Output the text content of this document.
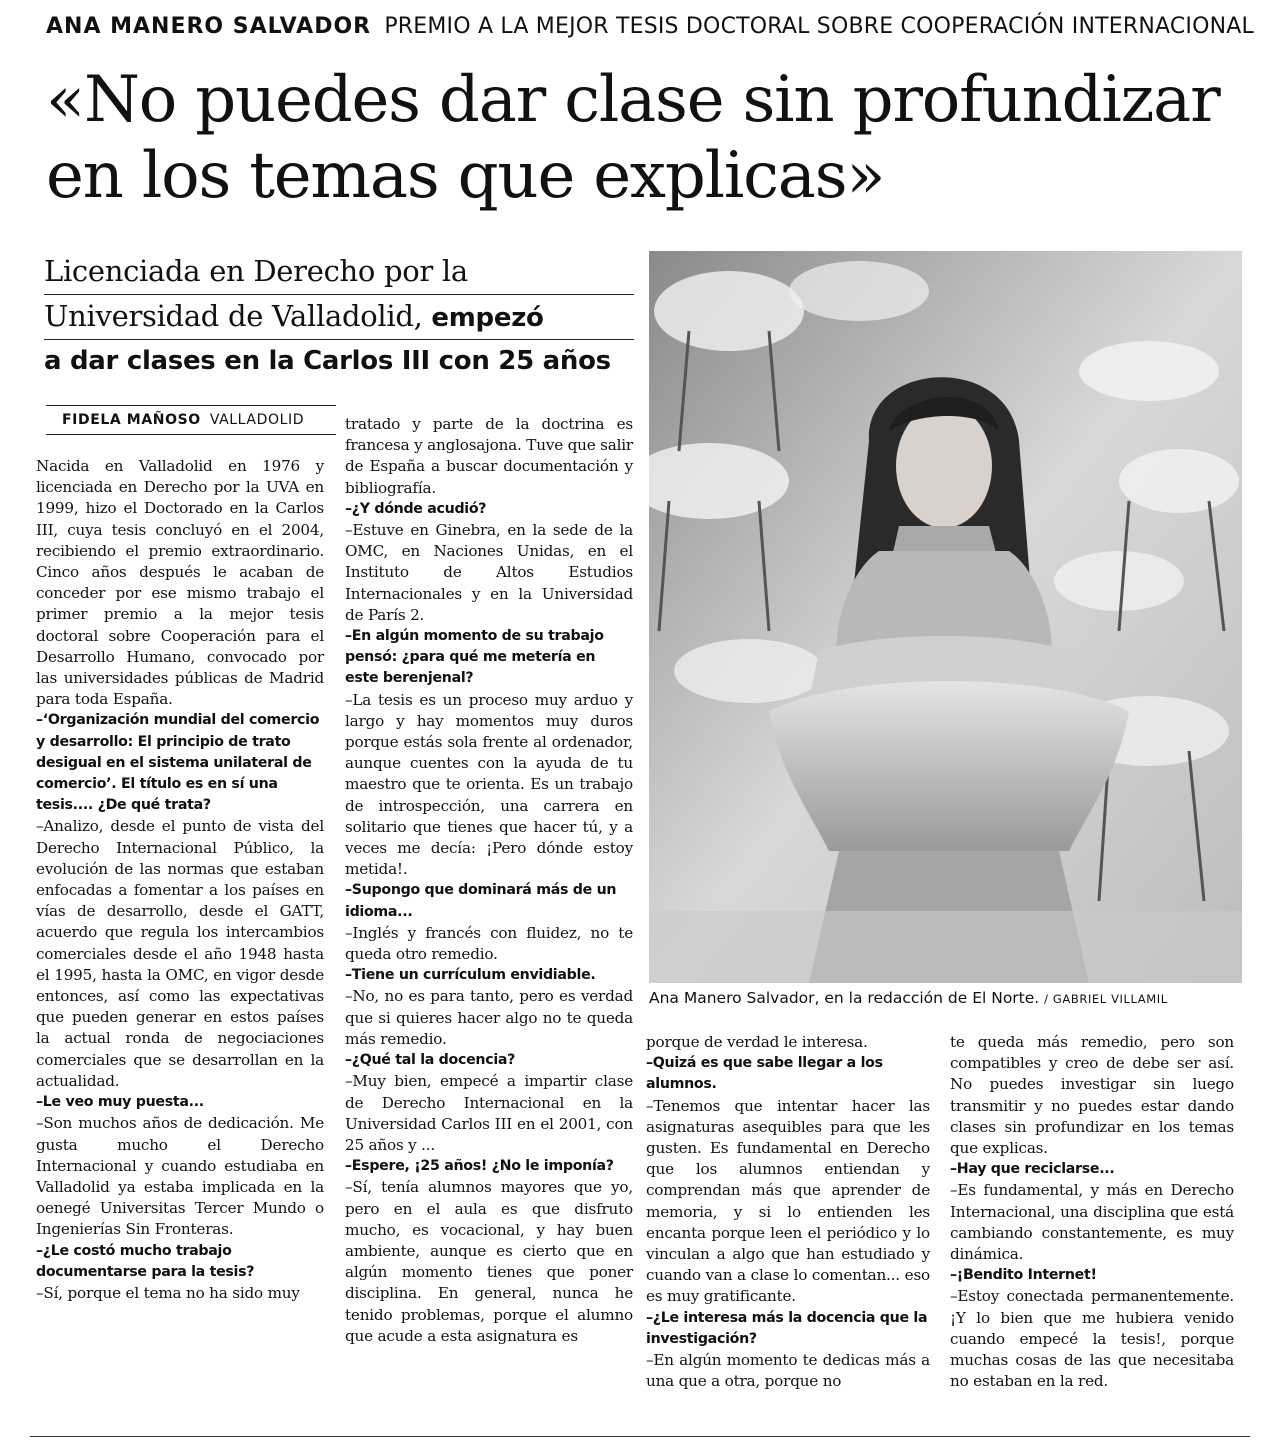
ANA MANERO SALVADOR PREMIO A LA MEJOR TESIS DOCTORAL SOBRE COOPERACIÓN INTERNACIONAL
«No puedes dar clase sin profundizar
en los temas que explicas»
Licenciada en Derecho por la
Universidad de Valladolid, empezó
a dar clases en la Carlos III con 25 años
FIDELA MAÑOSO VALLADOLID

Nacida en Valladolid en 1976 y licenciada en Derecho por la UVA en 1999, hizo el Doctorado en la Carlos III, cuya tesis concluyó en el 2004, recibiendo el premio extraordinario. Cinco años después le acaban de conceder por ese mismo trabajo el primer premio a la mejor tesis doctoral sobre Cooperación para el Desarrollo Humano, convocado por las universidades públicas de Madrid para toda España.

–‘Organización mundial del comercio y desarrollo: El principio de trato desigual en el sistema unilateral de comercio’. El título es en sí una tesis.... ¿De qué trata?

–Analizo, desde el punto de vista del Derecho Internacional Público, la evolución de las normas que estaban enfocadas a fomentar a los países en vías de desarrollo, desde el GATT, acuerdo que regula los intercambios comerciales desde el año 1948 hasta el 1995, hasta la OMC, en vigor desde entonces, así como las expectativas que pueden generar en estos países la actual ronda de negociaciones comerciales que se desarrollan en la actualidad.

–Le veo muy puesta...

–Son muchos años de dedicación. Me gusta mucho el Derecho Internacional y cuando estudiaba en Valladolid ya estaba implicada en la oenegé Universitas Tercer Mundo o Ingenierías Sin Fronteras.

–¿Le costó mucho trabajo documentarse para la tesis?

–Sí, porque el tema no ha sido muy

tratado y parte de la doctrina es francesa y anglosajona. Tuve que salir de España a buscar documentación y bibliografía.

–¿Y dónde acudió?

–Estuve en Ginebra, en la sede de la OMC, en Naciones Unidas, en el Instituto de Altos Estudios Internacionales y en la Universidad de París 2.

–En algún momento de su trabajo pensó: ¿para qué me metería en este berenjenal?

–La tesis es un proceso muy arduo y largo y hay momentos muy duros porque estás sola frente al ordenador, aunque cuentes con la ayuda de tu maestro que te orienta. Es un trabajo de introspección, una carrera en solitario que tienes que hacer tú, y a veces me decía: ¡Pero dónde estoy metida!.

–Supongo que dominará más de un idioma...

–Inglés y francés con fluidez, no te queda otro remedio.

–Tiene un currículum envidiable.

–No, no es para tanto, pero es verdad que si quieres hacer algo no te queda más remedio.

–¿Qué tal la docencia?

–Muy bien, empecé a impartir clase de Derecho Internacional en la Universidad Carlos III en el 2001, con 25 años y ...

–Espere, ¡25 años! ¿No le imponía?

–Sí, tenía alumnos mayores que yo, pero en el aula es que disfruto mucho, es vocacional, y hay buen ambiente, aunque es cierto que en algún momento tienes que poner disciplina. En general, nunca he tenido problemas, porque el alumno que acude a esta asignatura es

porque de verdad le interesa.

–Quizá es que sabe llegar a los alumnos.

–Tenemos que intentar hacer las asignaturas asequibles para que les gusten. Es fundamental en Derecho que los alumnos entiendan y comprendan más que aprender de memoria, y si lo entienden les encanta porque leen el periódico y lo vinculan a algo que han estudiado y cuando van a clase lo comentan... eso es muy gratificante.

–¿Le interesa más la docencia que la investigación?

–En algún momento te dedicas más a una que a otra, porque no

te queda más remedio, pero son compatibles y creo de debe ser así. No puedes investigar sin luego transmitir y no puedes estar dando clases sin profundizar en los temas que explicas.

–Hay que reciclarse...

–Es fundamental, y más en Derecho Internacional, una disciplina que está cambiando constantemente, es muy dinámica.

–¡Bendito Internet!

–Estoy conectada permanentemente. ¡Y lo bien que me hubiera venido cuando empecé la tesis!, porque muchas cosas de las que necesitaba no estaban en la red.

Ana Manero Salvador, en la redacción de El Norte. / GABRIEL VILLAMIL
